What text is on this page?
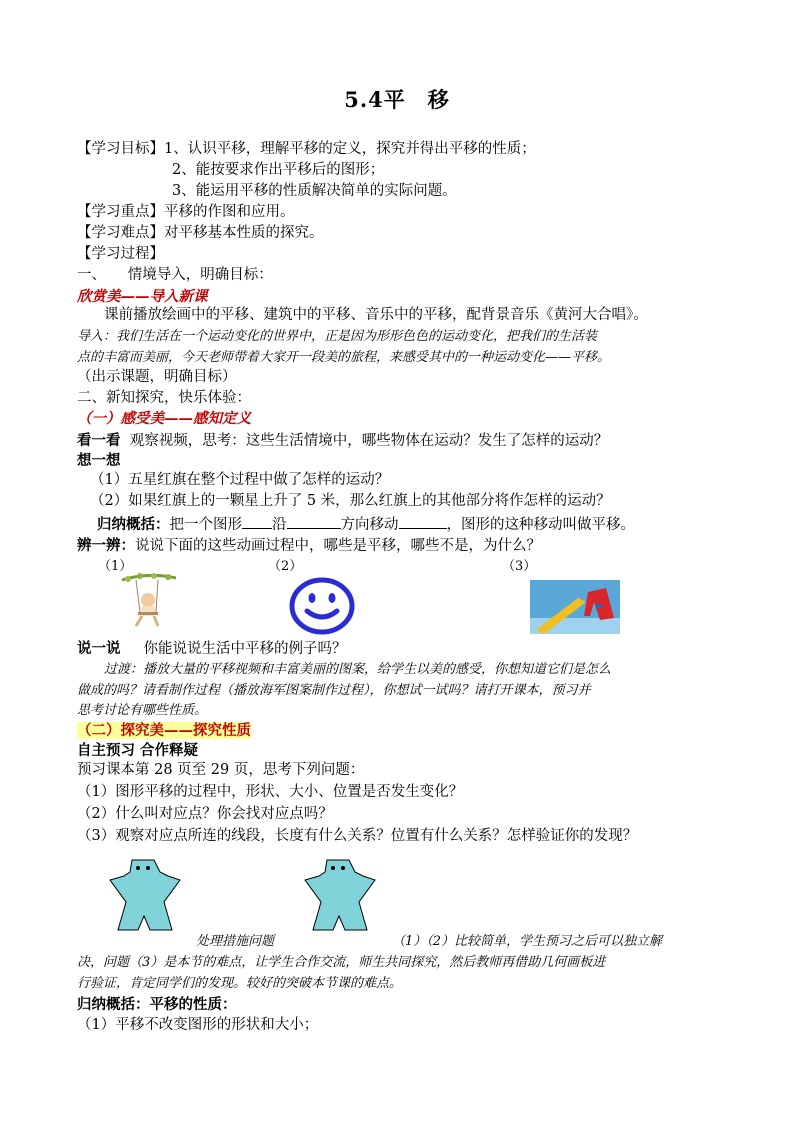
5.4平　移
【学习目标】1、认识平移，理解平移的定义，探究并得出平移的性质；
2、能按要求作出平移后的图形；
3、能运用平移的性质解决简单的实际问题。
【学习重点】平移的作图和应用。
【学习难点】对平移基本性质的探究。
【学习过程】
一、　　情境导入，明确目标：
欣赏美——导入新课
课前播放绘画中的平移、建筑中的平移、音乐中的平移，配背景音乐《黄河大合唱》。
导入：我们生活在一个运动变化的世界中，正是因为形形色色的运动变化，把我们的生活装
点的丰富而美丽，今天老师带着大家开一段美的旅程，来感受其中的一种运动变化——平移。
（出示课题，明确目标）
二、新知探究，快乐体验：
（一）感受美——感知定义
看一看 观察视频，思考：这些生活情境中，哪些物体在运动？发生了怎样的运动？
想一想
（1）五星红旗在整个过程中做了怎样的运动？
（2）如果红旗上的一颗星上升了 5 米，那么红旗上的其他部分将作怎样的运动？
归纳概括：把一个图形 沿	方向移动	，图形的这种移动叫做平移。
辨一辨：说说下面的这些动画过程中，哪些是平移，哪些不是，为什么？
（1）	（2）	（3）
说一说 你能说说生活中平移的例子吗？
过渡：播放大量的平移视频和丰富美丽的图案，给学生以美的感受，你想知道它们是怎么
做成的吗？请看制作过程（播放海军图案制作过程），你想试一试吗？请打开课本，预习并
思考讨论有哪些性质。
（二）探究美——探究性质
自主预习 合作释疑
预习课本第 28 页至 29 页，思考下列问题：
（1）图形平移的过程中，形状、大小、位置是否发生变化？
（2）什么叫对应点？你会找对应点吗？
（3）观察对应点所连的线段，长度有什么关系？位置有什么关系？怎样验证你的发现？
处理措施问题	（1）（2）比较简单，学生预习之后可以独立解
决，问题（3）是本节的难点，让学生合作交流，师生共同探究，然后教师再借助几何画板进
行验证，肯定同学们的发现。较好的突破本节课的难点。
归纳概括：平移的性质：
（1）平移不改变图形的形状和大小；
